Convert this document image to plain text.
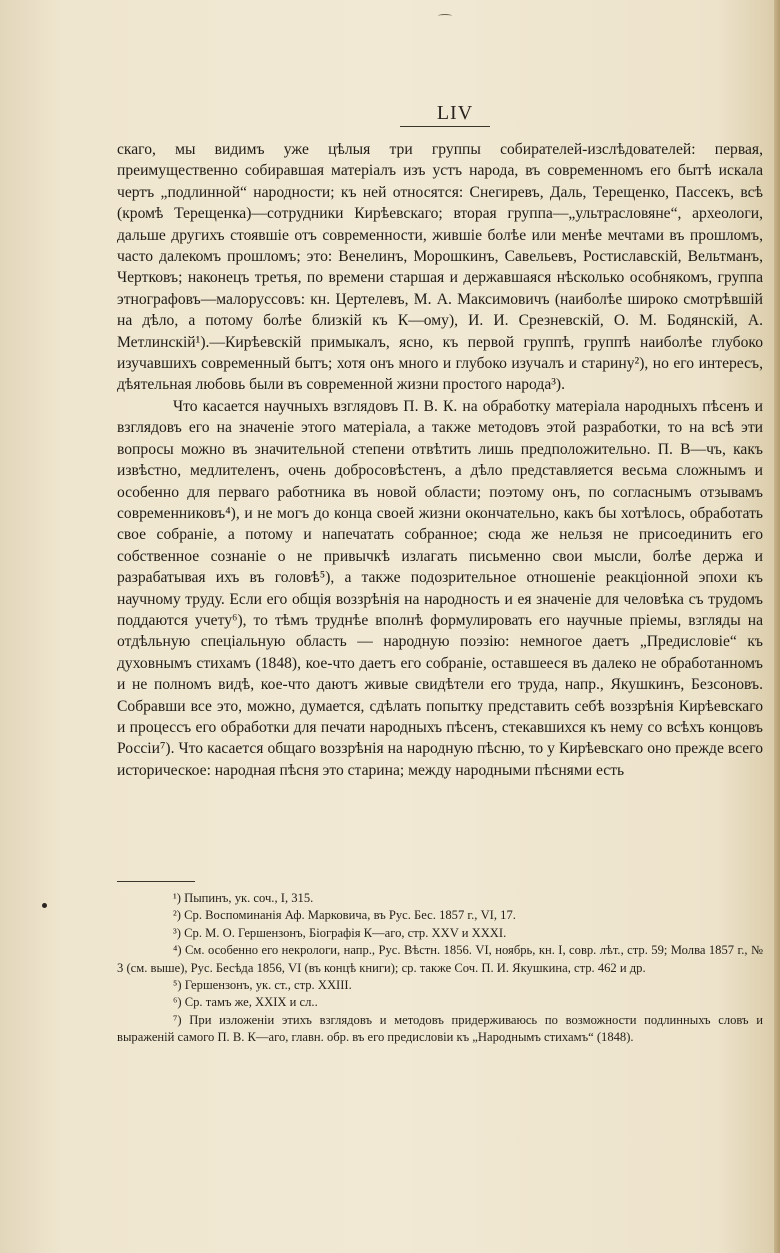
LIV

скаго, мы видимъ уже цѣлыя три группы собирателей-изслѣдователей: первая, преимущественно собиравшая матеріалъ изъ устъ народа, въ современномъ его бытѣ искала чертъ „подлинной“ народности; къ ней относятся: Снегиревъ, Даль, Терещенко, Пассекъ, всѣ (кромѣ Терещенка)—сотрудники Кирѣевскаго; вторая группа—„ультрасловяне“, археологи, дальше другихъ стоявшіе отъ современности, жившіе болѣе или менѣе мечтами въ прошломъ, часто далекомъ прошломъ; это: Венелинъ, Морошкинъ, Савельевъ, Ростиславскій, Вельтманъ, Чертковъ; наконецъ третья, по времени старшая и державшаяся нѣсколько особнякомъ, группа этнографовъ—малоруссовъ: кн. Цертелевъ, М. А. Максимовичъ (наиболѣе широко смотрѣвшій на дѣло, а потому болѣе близкій къ К—ому), И. И. Срезневскій, О. М. Бодянскій, А. Метлинскій¹).—Кирѣевскій примыкалъ, ясно, къ первой группѣ, группѣ наиболѣе глубоко изучавшихъ современный бытъ; хотя онъ много и глубоко изучалъ и старину²), но его интересъ, дѣятельная любовь были въ современной жизни простого народа³).

Что касается научныхъ взглядовъ П. В. К. на обработку матеріала народныхъ пѣсенъ и взглядовъ его на значеніе этого матеріала, а также методовъ этой разработки, то на всѣ эти вопросы можно въ значительной степени отвѣтить лишь предположительно. П. В—чъ, какъ извѣстно, медлителенъ, очень добросовѣстенъ, а дѣло представляется весьма сложнымъ и особенно для перваго работника въ новой области; поэтому онъ, по согласнымъ отзывамъ современниковъ⁴), и не могъ до конца своей жизни окончательно, какъ бы хотѣлось, обработать свое собраніе, а потому и напечатать собранное; сюда же нельзя не присоединить его собственное сознаніе о не привычкѣ излагать письменно свои мысли, болѣе держа и разрабатывая ихъ въ головѣ⁵), а также подозрительное отношеніе реакціонной эпохи къ научному труду. Если его общія воззрѣнія на народность и ея значеніе для человѣка съ трудомъ поддаются учету⁶), то тѣмъ труднѣе вполнѣ формулировать его научные пріемы, взгляды на отдѣльную спеціальную область — народную поэзію: немногое даетъ „Предисловіе“ къ духовнымъ стихамъ (1848), кое-что даетъ его собраніе, оставшееся въ далеко не обработанномъ и не полномъ видѣ, кое-что даютъ живые свидѣтели его труда, напр., Якушкинъ, Безсоновъ. Собравши все это, можно, думается, сдѣлать попытку представить себѣ воззрѣнія Кирѣевскаго и процессъ его обработки для печати народныхъ пѣсенъ, стекавшихся къ нему со всѣхъ концовъ Россіи⁷). Что касается общаго воззрѣнія на народную пѣсню, то у Кирѣевскаго оно прежде всего историческое: народная пѣсня это старина; между народными пѣснями есть

¹) Пыпинъ, ук. соч., I, 315.

²) Ср. Воспоминанія Аф. Марковича, въ Рус. Бес. 1857 г., VI, 17.

³) Ср. М. О. Гершензонъ, Біографія К—аго, стр. XXV и XXXI.

⁴) См. особенно его некрологи, напр., Рус. Вѣстн. 1856. VI, ноябрь, кн. I, совр. лѣт., стр. 59; Молва 1857 г., № 3 (см. выше), Рус. Бесѣда 1856, VI (въ концѣ книги); ср. также Соч. П. И. Якушкина, стр. 462 и др.

⁵) Гершензонъ, ук. ст., стр. XXIII.

⁶) Ср. тамъ же, XXIX и сл..

⁷) При изложеніи этихъ взглядовъ и методовъ придерживаюсь по возможности подлинныхъ словъ и выраженій самого П. В. К—аго, главн. обр. въ его предисловіи къ „Народнымъ стихамъ“ (1848).
